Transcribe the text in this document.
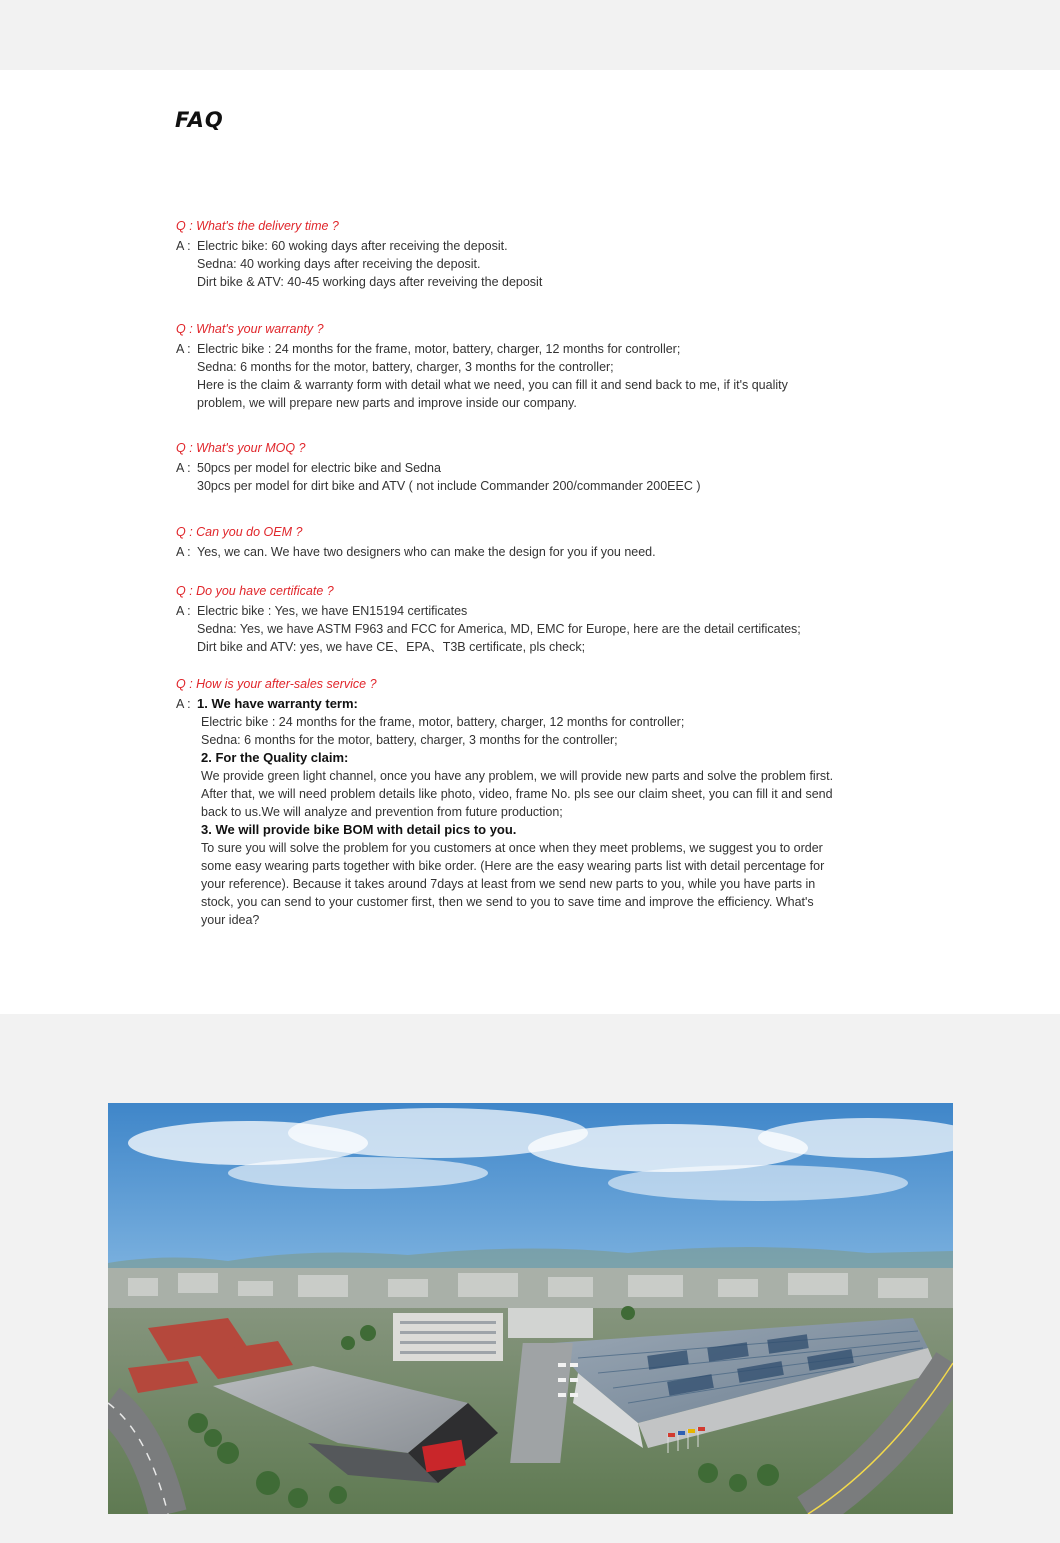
FAQ

Q : What's the delivery time ?

A : Electric bike: 60 woking days after receiving the deposit.
Sedna: 40 working days after receiving the deposit.
Dirt bike & ATV: 40-45 working days after reveiving the deposit

Q : What's your warranty ?

A : Electric bike : 24 months for the frame, motor, battery, charger, 12 months for controller;
Sedna: 6 months for the motor, battery, charger, 3 months for the controller;
Here is the claim & warranty form with detail what we need, you can fill it and send back to me, if it's quality
problem, we will prepare new parts and improve inside our company.

Q : What's your MOQ ?

A : 50pcs per model for electric bike and Sedna
30pcs per model for dirt bike and ATV ( not include Commander 200/commander 200EEC )

Q : Can you do OEM ?

A : Yes, we can. We have two designers who can make the design for you if you need.

Q : Do you have certificate ?

A : Electric bike : Yes, we have EN15194 certificates
Sedna: Yes, we have ASTM F963 and FCC for America, MD, EMC for Europe, here are the detail certificates;
Dirt bike and ATV: yes, we have CE、EPA、T3B certificate, pls check;

Q : How is your after-sales service ?

A : 1. We have warranty term:
Electric bike : 24 months for the frame, motor, battery, charger, 12 months for controller;
Sedna: 6 months for the motor, battery, charger, 3 months for the controller;
2. For the Quality claim:
We provide green light channel, once you have any problem, we will provide new parts and solve the problem first.
After that, we will need problem details like photo, video, frame No. pls see our claim sheet, you can fill it and send
back to us.We will analyze and prevention from future production;
3. We will provide bike BOM with detail pics to you.
To sure you will solve the problem for you customers at once when they meet problems, we suggest you to order
some easy wearing parts together with bike order. (Here are the easy wearing parts list with detail percentage for
your reference). Because it takes around 7days at least from we send new parts to you, while you have parts in
stock, you can send to your customer first, then we send to you to save time and improve the efficiency. What's
your idea?
